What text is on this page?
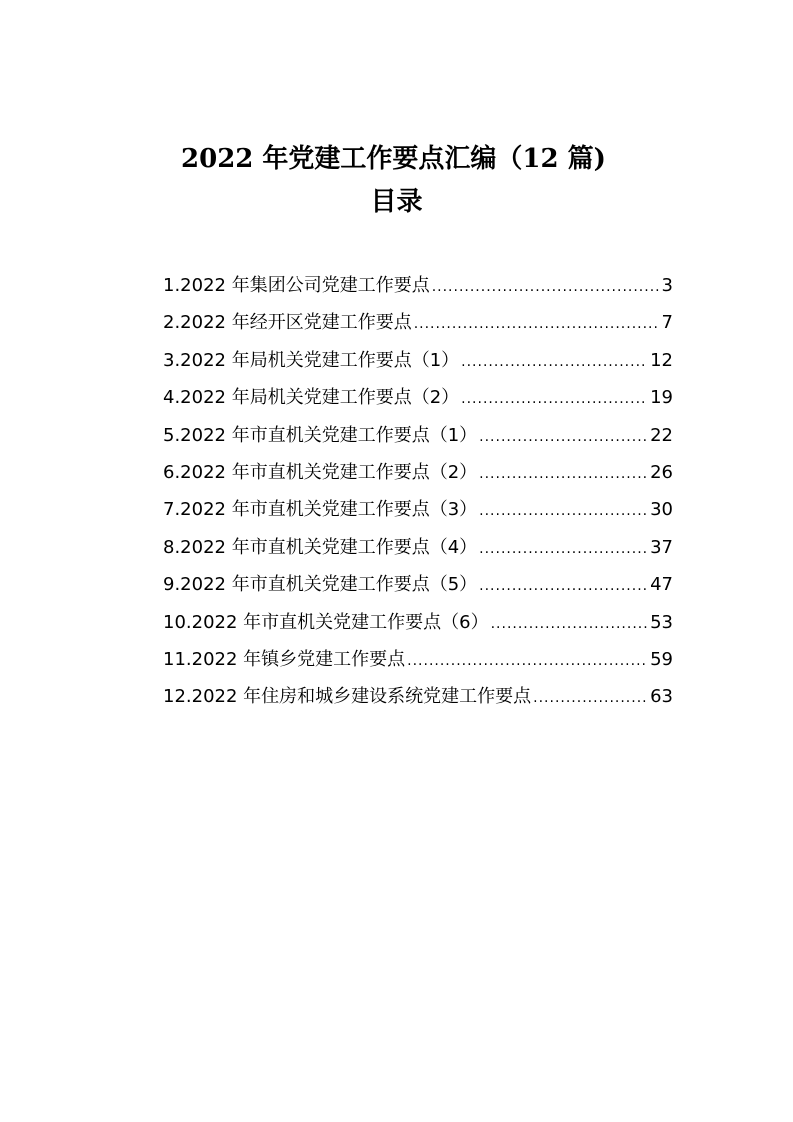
2022 年党建工作要点汇编（12 篇)
目录
1.2022 年集团公司党建工作要点 .....	3
2.2022 年经开区党建工作要点 .....	7
3.2022 年局机关党建工作要点（1） .....	12
4.2022 年局机关党建工作要点（2） .....	19
5.2022 年市直机关党建工作要点（1） .....	22
6.2022 年市直机关党建工作要点（2） .....	26
7.2022 年市直机关党建工作要点（3） .....	30
8.2022 年市直机关党建工作要点（4） .....	37
9.2022 年市直机关党建工作要点（5） .....	47
10.2022 年市直机关党建工作要点（6） .....	53
11.2022 年镇乡党建工作要点 .....	59
12.2022 年住房和城乡建设系统党建工作要点 .....	63
